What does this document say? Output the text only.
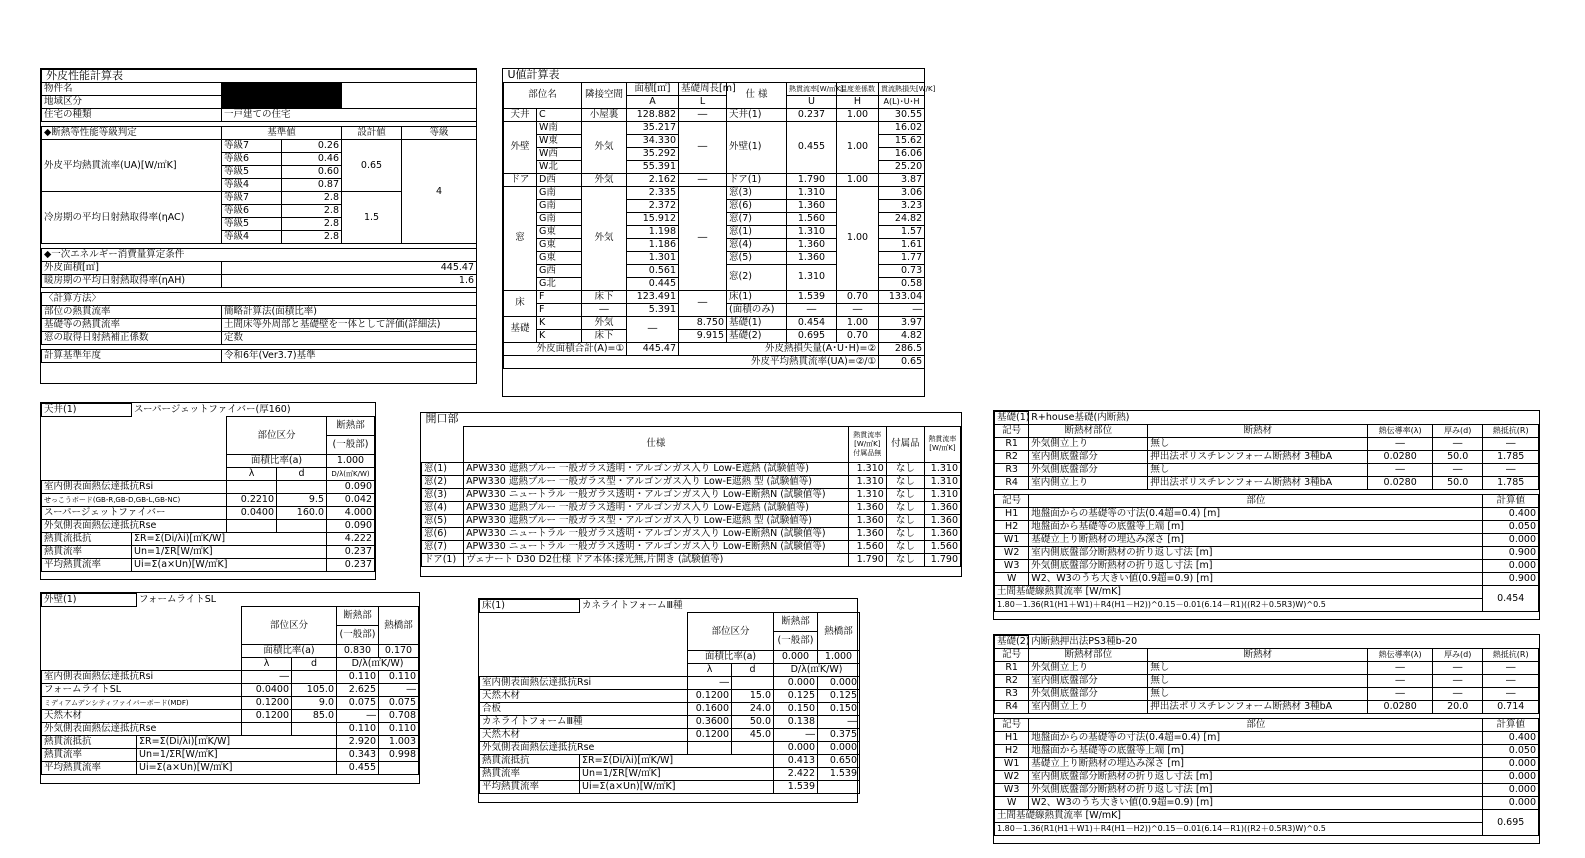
外皮性能計算表				
物件名				
地域区分				
住宅の種類	一戸建ての住宅			

◆断熱等性能等級判定	基準値		設計値	等級
外皮平均熱貫流率(UA)[W/㎡K]	等級7	0.26	0.65	4
	等級6	0.46		
	等級5	0.60		
	等級4	0.87		
冷房期の平均日射熱取得率(ηAC)	等級7	2.8	1.5	
	等級6	2.8		
	等級5	2.8		
	等級4	2.8		

◆一次エネルギー消費量算定条件				
外皮面積[㎡]	445.47			
暖房期の平均日射熱取得率(ηAH)	1.6			

〈計算方法〉				
部位の熱貫流率	簡略計算法(面積比率)			
基礎等の熱貫流率	土間床等外周部と基礎壁を一体として評価(詳細法)			
窓の取得日射熱補正係数	定数			

計算基準年度	令和6年(Ver3.7)基準			
U値計算表								
部位名		隣接空間	面積[㎡]	基礎周長[m]	仕 様	熱貫流率[W/㎡K]	温度差係数	貫流熱損失[W/K]
			A	L		U	H	A(L)･U･H
天井	C	小屋裏	128.882	―	天井(1)	0.237	1.00	30.55
外壁	W南	外気	35.217	―	外壁(1)	0.455	1.00	16.02
	W東		34.330					15.62
	W西		35.292					16.06
	W北		55.391					25.20
ドア	D西	外気	2.162	―	ドア(1)	1.790	1.00	3.87
窓	G南	外気	2.335	―	窓(3)	1.310	1.00	3.06
	G南		2.372		窓(6)	1.360		3.23
	G南		15.912		窓(7)	1.560		24.82
	G東		1.198		窓(1)	1.310		1.57
	G東		1.186		窓(4)	1.360		1.61
	G東		1.301		窓(5)	1.360		1.77
	G西		0.561		窓(2)	1.310		0.73
	G北		0.445					0.58
床	F	床下	123.491	―	床(1)	1.539	0.70	133.04
	F	―	5.391		(面積のみ)	―	―	―
基礎	K	外気	―	8.750	基礎(1)	0.454	1.00	3.97
	K	床下		9.915	基礎(2)	0.695	0.70	4.82
外皮面積合計(A)=①			445.47	外皮熱損失量(A･U･H)=②				286.5
外皮平均熱貫流率(UA)=②/①								0.65
天井(1)	スーパージェットファイバー(厚160)			
		部位区分		断熱部
				(一般部)
		面積比率(a)		1.000
		λ	d	D/λ(㎡K/W)
室内側表面熱伝達抵抗Rsi				0.090
せっこうボード(GB-R,GB-D,GB-L,GB-NC)		0.2210	9.5	0.042
スーパージェットファイバー		0.0400	160.0	4.000
外気側表面熱伝達抵抗Rse				0.090
熱貫流抵抗	ΣR=Σ(Di/λi)[㎡K/W]			4.222
熱貫流率	Un=1/ΣR[W/㎡K]			0.237
平均熱貫流率	Ui=Σ(a×Un)[W/㎡K]			0.237
外壁(1)	フォームライトSL				
		部位区分		断熱部	熱橋部
				(一般部)	
		面積比率(a)		0.830	0.170
		λ	d	D/λ(㎡K/W)	
室内側表面熱伝達抵抗Rsi		―		0.110	0.110
フォームライトSL		0.0400	105.0	2.625	―
ミディアムデンシティファイバーボード(MDF)		0.1200	9.0	0.075	0.075
天然木材		0.1200	85.0	―	0.708
外気側表面熱伝達抵抗Rse				0.110	0.110
熱貫流抵抗	ΣR=Σ(Di/λi)[㎡K/W]			2.920	1.003
熱貫流率	Un=1/ΣR[W/㎡K]			0.343	0.998
平均熱貫流率	Ui=Σ(a×Un)[W/㎡K]			0.455	
開口部				
	仕様	熱貫流率[W/㎡K]付属品無	付属品	熱貫流率[W/㎡K]
窓(1)	APW330 遮熱ブルー 一般ガラス透明・アルゴンガス入り Low-E遮熱 (試験値等)	1.310	なし	1.310
窓(2)	APW330 遮熱ブルー 一般ガラス型・アルゴンガス入り Low-E遮熱 型 (試験値等)	1.310	なし	1.310
窓(3)	APW330 ニュートラル 一般ガラス透明・アルゴンガス入り Low-E断熱N (試験値等)	1.310	なし	1.310
窓(4)	APW330 遮熱ブルー 一般ガラス透明・アルゴンガス入り Low-E遮熱 (試験値等)	1.360	なし	1.360
窓(5)	APW330 遮熱ブルー 一般ガラス型・アルゴンガス入り Low-E遮熱 型 (試験値等)	1.360	なし	1.360
窓(6)	APW330 ニュートラル 一般ガラス透明・アルゴンガス入り Low-E断熱N (試験値等)	1.360	なし	1.360
窓(7)	APW330 ニュートラル 一般ガラス透明・アルゴンガス入り Low-E断熱N (試験値等)	1.560	なし	1.560
ドア(1)	ヴェナート D30 D2仕様 ドア本体:採光無,片開き (試験値等)	1.790	なし	1.790
床(1)	カネライトフォームⅢ種				
		部位区分		断熱部	熱橋部
				(一般部)	
		面積比率(a)		0.000	1.000
		λ	d	D/λ(㎡K/W)	
室内側表面熱伝達抵抗Rsi		―		0.000	0.000
天然木材		0.1200	15.0	0.125	0.125
合板		0.1600	24.0	0.150	0.150
カネライトフォームⅢ種		0.3600	50.0	0.138	―
天然木材		0.1200	45.0	―	0.375
外気側表面熱伝達抵抗Rse				0.000	0.000
熱貫流抵抗	ΣR=Σ(Di/λi)[㎡K/W]			0.413	0.650
熱貫流率	Un=1/ΣR[W/㎡K]			2.422	1.539
平均熱貫流率	Ui=Σ(a×Un)[W/㎡K]			1.539	
基礎(1)	R+house基礎(内断熱)				
記号	断熱材部位	断熱材	熱伝導率(λ)	厚み(d)	熱抵抗(R)
R1	外気側立上り	無し	―	―	―
R2	室内側底盤部分	押出法ポリスチレンフォーム断熱材 3種bA	0.0280	50.0	1.785
R3	外気側底盤部分	無し	―	―	―
R4	室内側立上り	押出法ポリスチレンフォーム断熱材 3種bA	0.0280	50.0	1.785

記号	部位				計算値
H1	地盤面からの基礎等の寸法(0.4超=0.4) [m]				0.400
H2	地盤面から基礎等の底盤等上端 [m]				0.050
W1	基礎立上り断熱材の埋込み深さ [m]				0.000
W2	室内側底盤部分断熱材の折り返し寸法 [m]				0.900
W3	外気側底盤部分断熱材の折り返し寸法 [m]				0.000
W	W2、W3のうち大きい値(0.9超=0.9) [m]				0.900
土間基礎線熱貫流率 [W/mK]					0.454
1.80－1.36(R1(H1＋W1)＋R4(H1－H2))^0.15－0.01(6.14－R1)((R2＋0.5R3)W)^0.5					
基礎(2)	内断熱押出法PS3種b-20				
記号	断熱材部位	断熱材	熱伝導率(λ)	厚み(d)	熱抵抗(R)
R1	外気側立上り	無し	―	―	―
R2	室内側底盤部分	無し	―	―	―
R3	外気側底盤部分	無し	―	―	―
R4	室内側立上り	押出法ポリスチレンフォーム断熱材 3種bA	0.0280	20.0	0.714

記号	部位				計算値
H1	地盤面からの基礎等の寸法(0.4超=0.4) [m]				0.400
H2	地盤面から基礎等の底盤等上端 [m]				0.050
W1	基礎立上り断熱材の埋込み深さ [m]				0.000
W2	室内側底盤部分断熱材の折り返し寸法 [m]				0.000
W3	外気側底盤部分断熱材の折り返し寸法 [m]				0.000
W	W2、W3のうち大きい値(0.9超=0.9) [m]				0.000
土間基礎線熱貫流率 [W/mK]					0.695
1.80－1.36(R1(H1＋W1)＋R4(H1－H2))^0.15－0.01(6.14－R1)((R2＋0.5R3)W)^0.5					
